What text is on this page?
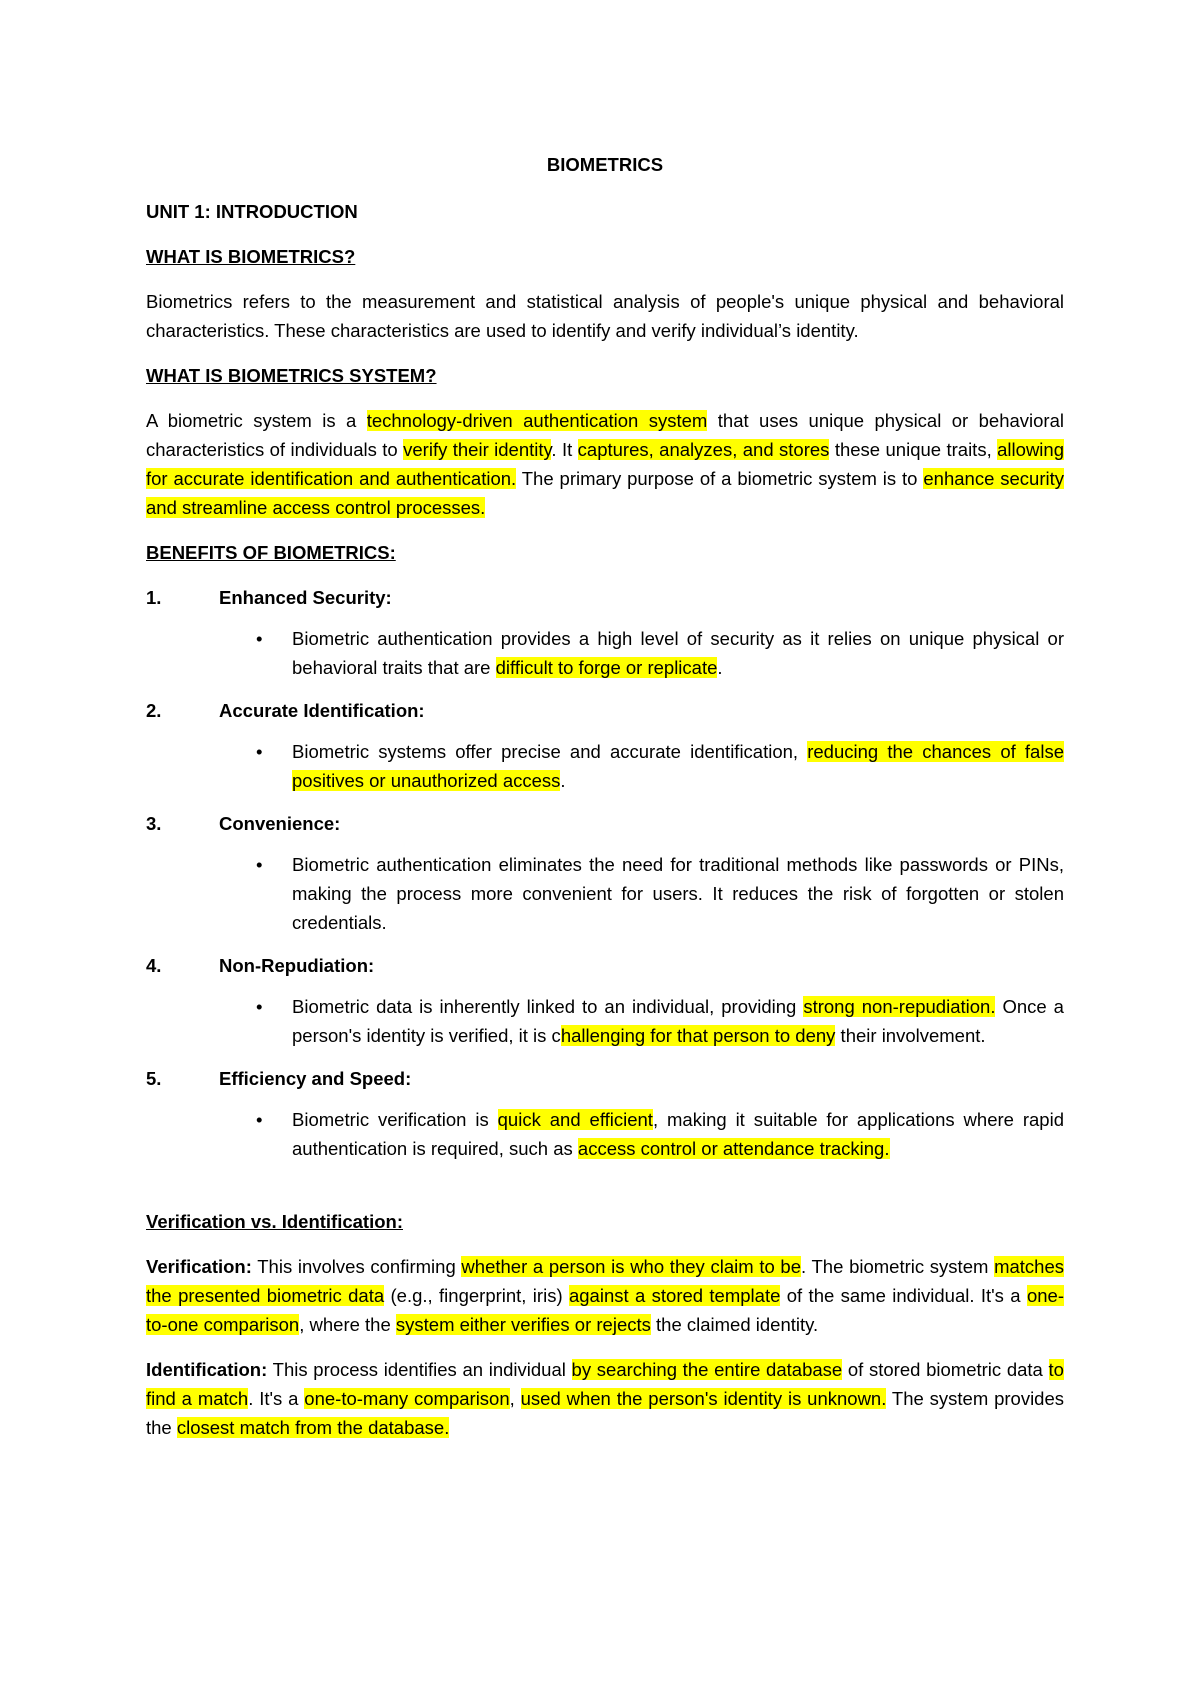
BIOMETRICS
UNIT 1: INTRODUCTION
WHAT IS BIOMETRICS?

Biometrics refers to the measurement and statistical analysis of people's unique physical and behavioral characteristics. These characteristics are used to identify and verify individual’s identity.

WHAT IS BIOMETRICS SYSTEM?

A biometric system is a technology-driven authentication system that uses unique physical or behavioral characteristics of individuals to verify their identity. It captures, analyzes, and stores these unique traits, allowing for accurate identification and authentication. The primary purpose of a biometric system is to enhance security and streamline access control processes.

BENEFITS OF BIOMETRICS:
1.	Enhanced Security:
•	Biometric authentication provides a high level of security as it relies on unique physical or behavioral traits that are difficult to forge or replicate.
2.	Accurate Identification:
•	Biometric systems offer precise and accurate identification, reducing the chances of false positives or unauthorized access.
3.	Convenience:
•	Biometric authentication eliminates the need for traditional methods like passwords or PINs, making the process more convenient for users. It reduces the risk of forgotten or stolen credentials.
4.	Non-Repudiation:
•	Biometric data is inherently linked to an individual, providing strong non-repudiation. Once a person's identity is verified, it is challenging for that person to deny their involvement.
5.	Efficiency and Speed:
•	Biometric verification is quick and efficient, making it suitable for applications where rapid authentication is required, such as access control or attendance tracking.
Verification vs. Identification:

Verification: This involves confirming whether a person is who they claim to be. The biometric system matches the presented biometric data (e.g., fingerprint, iris) against a stored template of the same individual. It's a one-to-one comparison, where the system either verifies or rejects the claimed identity.

Identification: This process identifies an individual by searching the entire database of stored biometric data to find a match. It's a one-to-many comparison, used when the person's identity is unknown. The system provides the closest match from the database.
